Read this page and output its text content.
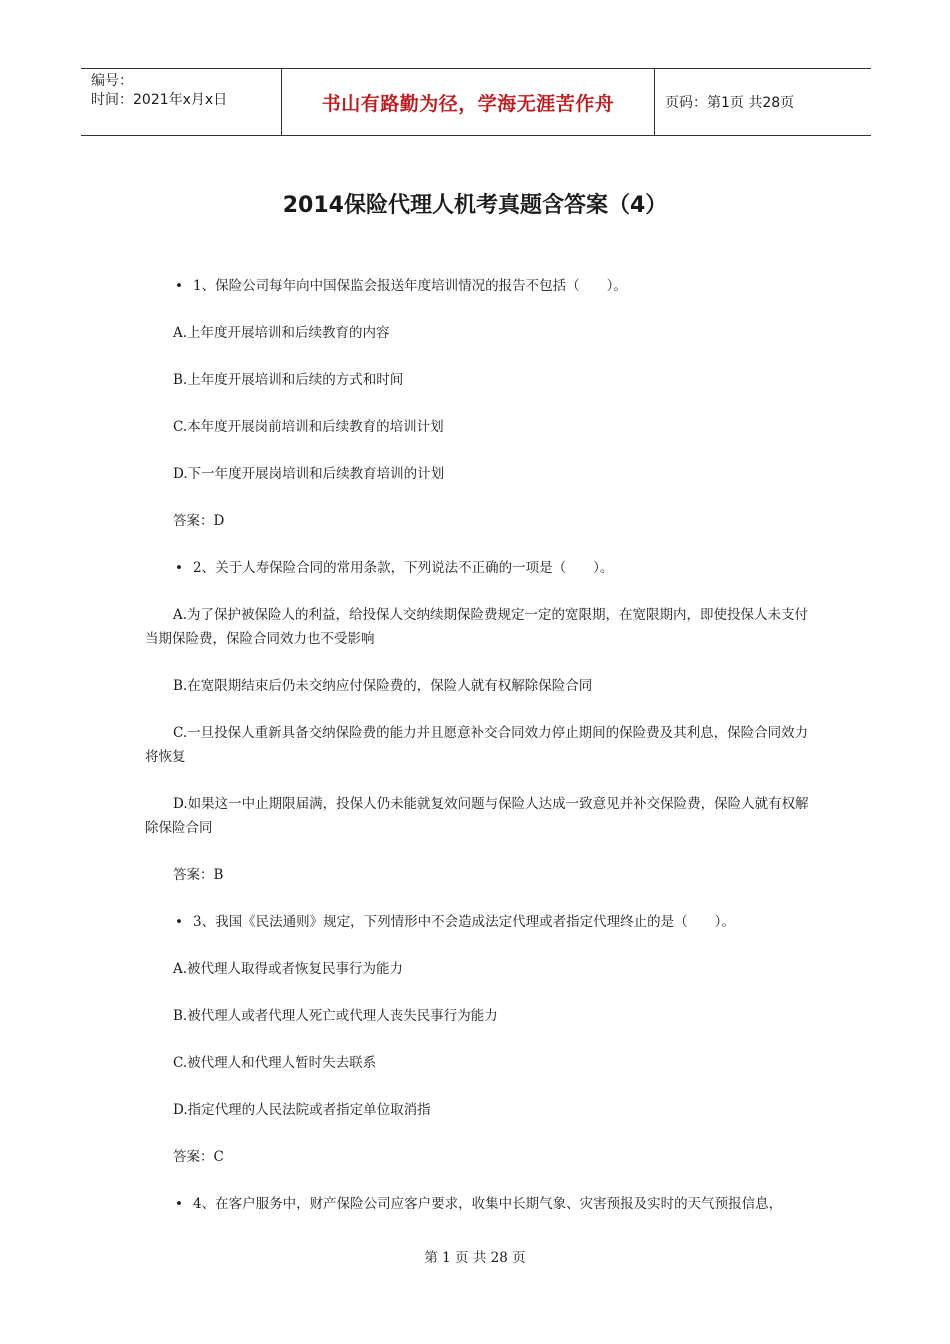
编号：
时间：2021年x月x日	书山有路勤为径，学海无涯苦作舟	页码：第1页 共28页
2014保险代理人机考真题含答案（4）
• 1、保险公司每年向中国保监会报送年度培训情况的报告不包括（　　）。
A.上年度开展培训和后续教育的内容
B.上年度开展培训和后续的方式和时间
C.本年度开展岗前培训和后续教育的培训计划
D.下一年度开展岗培训和后续教育培训的计划
答案：D
• 2、关于人寿保险合同的常用条款，下列说法不正确的一项是（　　）。
A.为了保护被保险人的利益，给投保人交纳续期保险费规定一定的宽限期，在宽限期内，即使投保人未支付当期保险费，保险合同效力也不受影响
B.在宽限期结束后仍未交纳应付保险费的，保险人就有权解除保险合同
C.一旦投保人重新具备交纳保险费的能力并且愿意补交合同效力停止期间的保险费及其利息，保险合同效力将恢复
D.如果这一中止期限届满，投保人仍未能就复效问题与保险人达成一致意见并补交保险费，保险人就有权解除保险合同
答案：B
• 3、我国《民法通则》规定，下列情形中不会造成法定代理或者指定代理终止的是（　　）。
A.被代理人取得或者恢复民事行为能力
B.被代理人或者代理人死亡或代理人丧失民事行为能力
C.被代理人和代理人暂时失去联系
D.指定代理的人民法院或者指定单位取消指
答案：C
• 4、在客户服务中，财产保险公司应客户要求，收集中长期气象、灾害预报及实时的天气预报信息，
第 1 页 共 28 页
